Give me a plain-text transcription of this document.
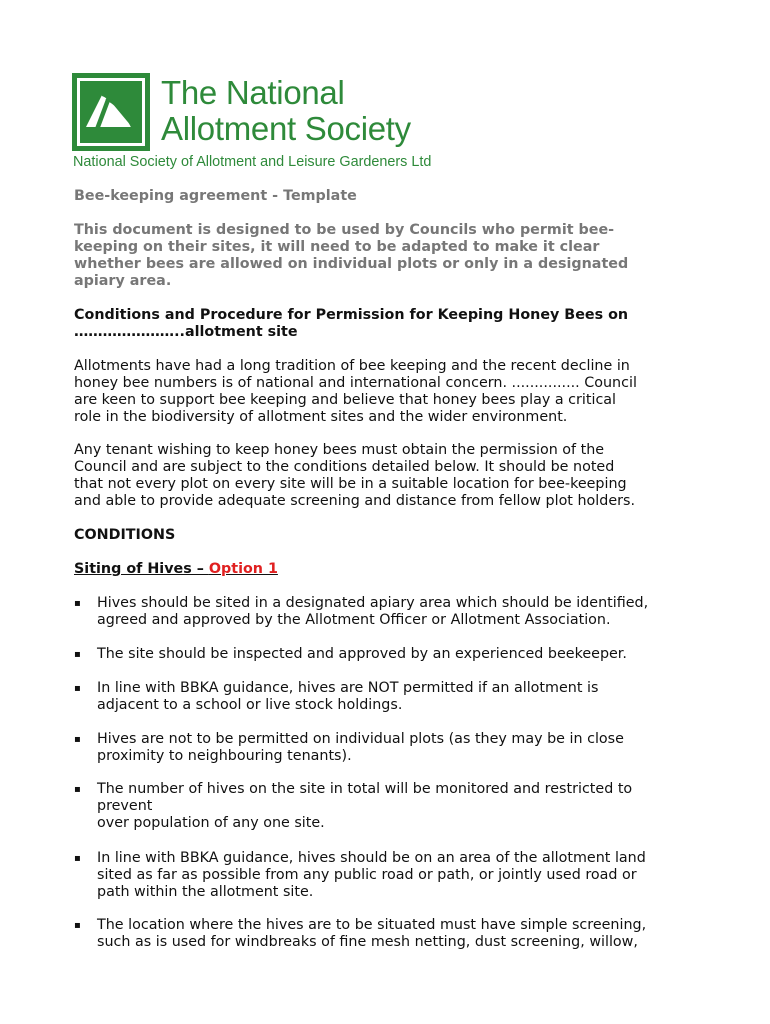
The National
Allotment Society
National Society of Allotment and Leisure Gardeners Ltd
Bee-keeping agreement - Template
This document is designed to be used by Councils who permit bee-
keeping on their sites, it will need to be adapted to make it clear
whether bees are allowed on individual plots or only in a designated
apiary area.
Conditions and Procedure for Permission for Keeping Honey Bees on
…………………..allotment site
Allotments have had a long tradition of bee keeping and the recent decline in
honey bee numbers is of national and international concern. ............... Council
are keen to support bee keeping and believe that honey bees play a critical
role in the biodiversity of allotment sites and the wider environment.
Any tenant wishing to keep honey bees must obtain the permission of the
Council and are subject to the conditions detailed below. It should be noted
that not every plot on every site will be in a suitable location for bee-keeping
and able to provide adequate screening and distance from fellow plot holders.
CONDITIONS
Siting of Hives – Option 1
▪ Hives should be sited in a designated apiary area which should be identified,
agreed and approved by the Allotment Officer or Allotment Association.
▪ The site should be inspected and approved by an experienced beekeeper.
▪ In line with BBKA guidance, hives are NOT permitted if an allotment is
adjacent to a school or live stock holdings.
▪ Hives are not to be permitted on individual plots (as they may be in close
proximity to neighbouring tenants).
▪ The number of hives on the site in total will be monitored and restricted to
prevent
over population of any one site.
▪ In line with BBKA guidance, hives should be on an area of the allotment land
sited as far as possible from any public road or path, or jointly used road or
path within the allotment site.
▪ The location where the hives are to be situated must have simple screening,
such as is used for windbreaks of fine mesh netting, dust screening, willow,
